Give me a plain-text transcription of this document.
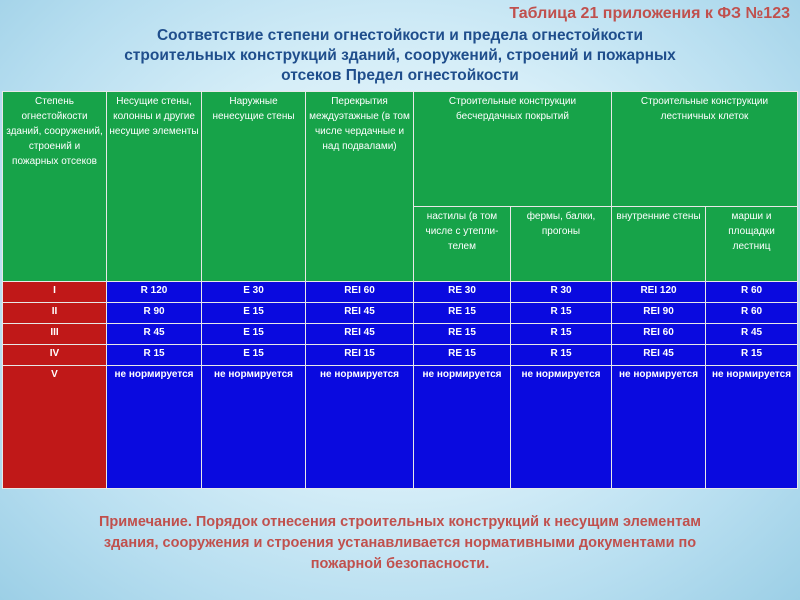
Таблица 21 приложения к ФЗ №123
Соответствие степени огнестойкости и предела огнестойкости
строительных конструкций зданий, сооружений, строений и пожарных
отсеков Предел огнестойкости
Степень огнестойкости зданий, сооружений, строений и пожарных отсеков	Несущие стены, колонны и другие несущие элементы	Наружные ненесущие стены	Перекрытия междуэтажные (в том числе чердачные и над подвалами)	Строительные конструкции бесчердачных покрытий		Строительные конструкции лестничных клеток	
				настилы (в том числе с утепли- телем	фермы, балки, прогоны	внутренние стены	марши и площадки лестниц
I	R 120	E 30	REI 60	RE 30	R 30	REI 120	R 60
II	R 90	E 15	REI 45	RE 15	R 15	REI 90	R 60
III	R 45	E 15	REI 45	RE 15	R 15	REI 60	R 45
IV	R 15	E 15	REI 15	RE 15	R 15	REI 45	R 15
V	не нормируется	не нормируется	не нормируется	не нормируется	не нормируется	не нормируется	не нормируется
Примечание. Порядок отнесения строительных конструкций к несущим элементам
здания, сооружения и строения устанавливается нормативными документами по
пожарной безопасности.
